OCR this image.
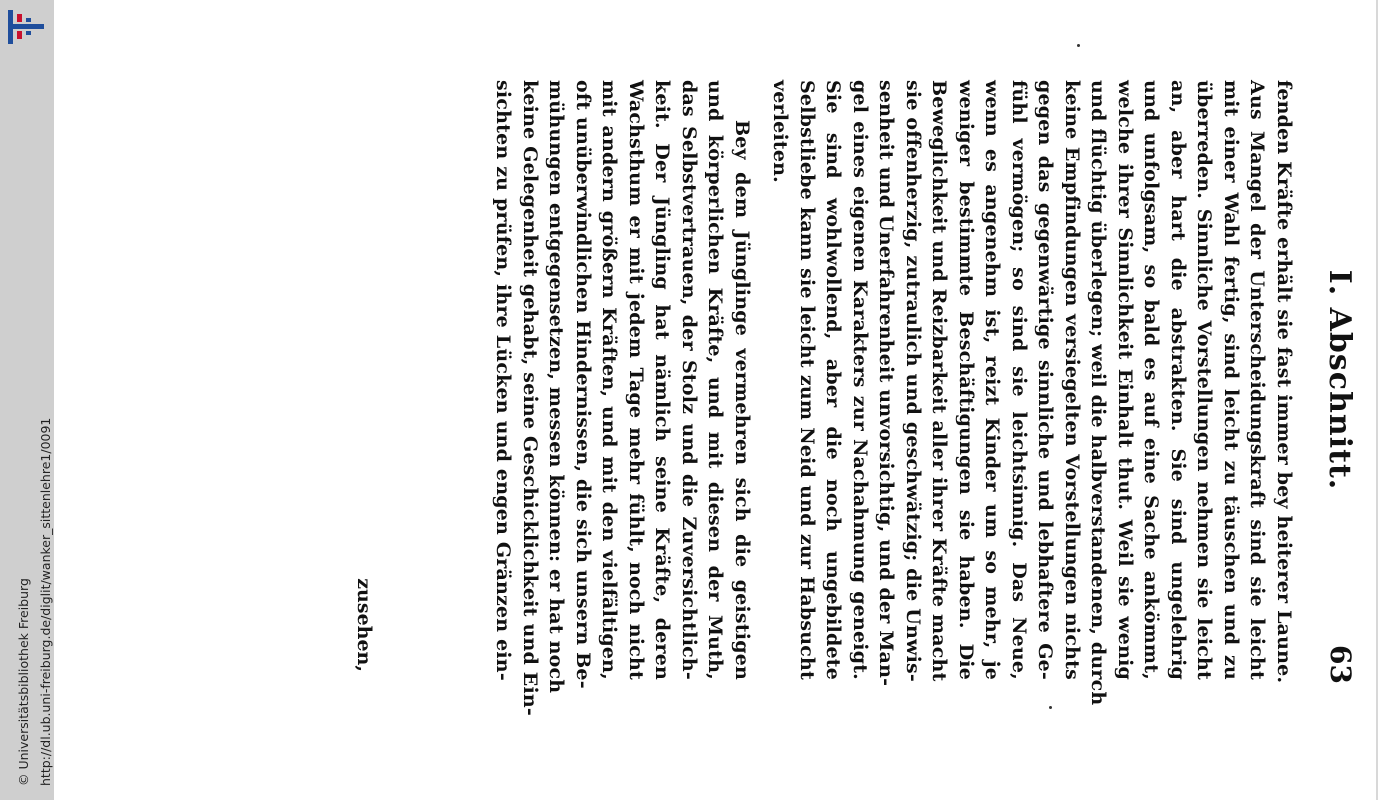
http://dl.ub.uni-freiburg.de/diglit/wanker_sittenlehre1/0091
© Universitätsbibliothek Freiburg
I. Abschnitt.
63
fenden Kräfte erhält sie fast immer bey heiterer Laune.
Aus Mangel der Unterscheidungskraft sind sie leicht
mit einer Wahl fertig, sind leicht zu täuschen und zu
überreden. Sinnliche Vorstellungen nehmen sie leicht
an, aber hart die abstrakten. Sie sind ungelehrig
und unfolgsam, so bald es auf eine Sache ankömmt,
welche ihrer Sinnlichkeit Einhalt thut. Weil sie wenig
und flüchtig überlegen; weil die halbverstandenen, durch
keine Empfindungen versiegelten Vorstellungen nichts
gegen das gegenwärtige sinnliche und lebhaftere Ge-
fühl vermögen; so sind sie leichtsinnig. Das Neue,
wenn es angenehm ist, reizt Kinder um so mehr, je
weniger bestimmte Beschäftigungen sie haben. Die
Beweglichkeit und Reizbarkeit aller ihrer Kräfte macht
sie offenherzig, zutraulich und geschwätzig; die Unwis-
senheit und Unerfahrenheit unvorsichtig, und der Man-
gel eines eigenen Karakters zur Nachahmung geneigt.
Sie sind wohlwollend, aber die noch ungebildete
Selbstliebe kann sie leicht zum Neid und zur Habsucht
verleiten.
Bey dem Jünglinge vermehren sich die geistigen
und körperlichen Kräfte, und mit diesen der Muth,
das Selbstvertrauen, der Stolz und die Zuversichtlich-
keit. Der Jüngling hat nämlich seine Kräfte, deren
Wachsthum er mit jedem Tage mehr fühlt, noch nicht
mit andern größern Kräften, und mit den vielfältigen,
oft unüberwindlichen Hindernissen, die sich unsern Be-
mühungen entgegensetzen, messen können: er hat noch
keine Gelegenheit gehabt, seine Geschicklichkeit und Ein-
sichten zu prüfen, ihre Lücken und engen Gränzen ein-
zusehen,
